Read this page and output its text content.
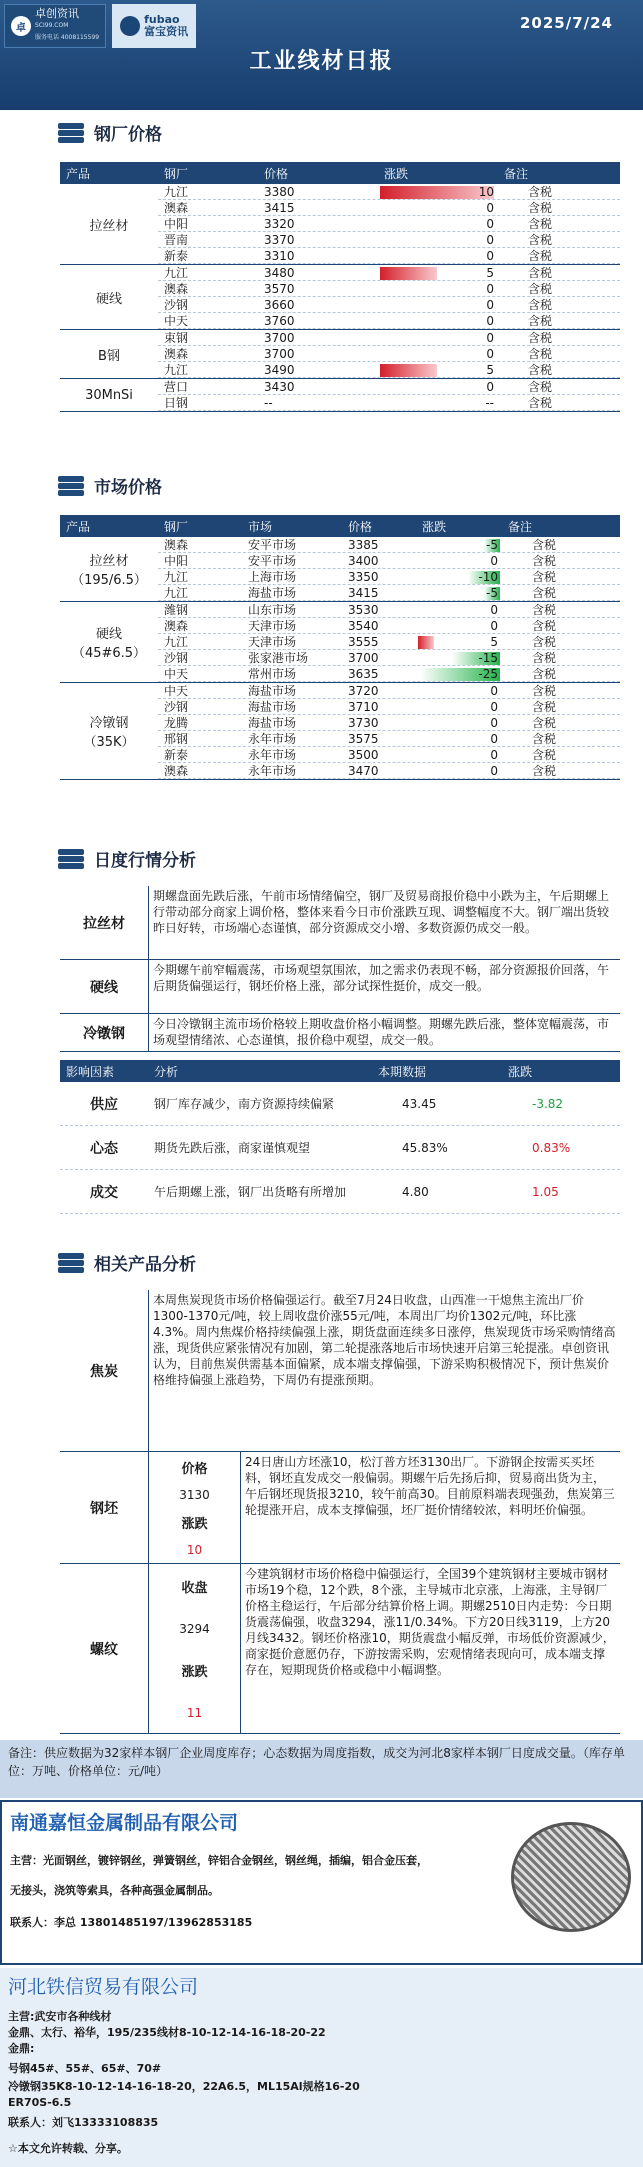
卓
卓创资讯
SCI99.COM
服务电话 4008115599
fubao
富宝资讯	2025/7/24
工业线材日报
钢厂价格
产品	钢厂	价格	涨跌	备注
拉丝材
九江	3380	10	含税
澳森	3415	0	含税
中阳	3320	0	含税
晋南	3370	0	含税
新泰	3310	0	含税
硬线
九江	3480	5	含税
澳森	3570	0	含税
沙钢	3660	0	含税
中天	3760	0	含税
B钢
束钢	3700	0	含税
澳森	3700	0	含税
九江	3490	5	含税
30MnSi
营口	3430	0	含税
日钢	--	--	含税
市场价格
产品	钢厂	市场	价格	涨跌	备注
拉丝材
（195/6.5）
澳森	安平市场	3385	-5	含税
中阳	安平市场	3400	0	含税
九江	上海市场	3350	-10	含税
九江	海盐市场	3415	-5	含税
硬线
（45#6.5）
潍钢	山东市场	3530	0	含税
澳森	天津市场	3540	0	含税
九江	天津市场	3555	5	含税
沙钢	张家港市场	3700	-15	含税
中天	常州市场	3635	-25	含税
冷镦钢
（35K）
中天	海盐市场	3720	0	含税
沙钢	海盐市场	3710	0	含税
龙腾	海盐市场	3730	0	含税
邢钢	永年市场	3575	0	含税
新泰	永年市场	3500	0	含税
澳森	永年市场	3470	0	含税
日度行情分析
拉丝材
期螺盘面先跌后涨，午前市场情绪偏空，钢厂及贸易商报价稳中小跌为主，午后期螺上行带动部分商家上调价格，整体来看今日市价涨跌互现、调整幅度不大。钢厂端出货较昨日好转，市场端心态谨慎，部分资源成交小增、多数资源仍成交一般。
硬线
今期螺午前窄幅震荡，市场观望氛围浓，加之需求仍表现不畅，部分资源报价回落，午后期货偏强运行，钢坯价格上涨，部分试探性挺价，成交一般。
冷镦钢
今日冷镦钢主流市场价格较上期收盘价格小幅调整。期螺先跌后涨，整体宽幅震荡，市场观望情绪浓、心态谨慎，报价稳中观望，成交一般。
影响因素	分析	本期数据	涨跌
供应	钢厂库存减少，南方资源持续偏紧	43.45	-3.82
心态	期货先跌后涨，商家谨慎观望	45.83%	0.83%
成交	午后期螺上涨，钢厂出货略有所增加	4.80	1.05
相关产品分析
焦炭
本周焦炭现货市场价格偏强运行。截至7月24日收盘，山西准一干熄焦主流出厂价1300-1370元/吨，较上周收盘价涨55元/吨，本周出厂均价1302元/吨，环比涨4.3%。周内焦煤价格持续偏强上涨，期货盘面连续多日涨停，焦炭现货市场采购情绪高涨，现货供应紧张情况有加剧，第二轮提涨落地后市场快速开启第三轮提涨。卓创资讯认为，目前焦炭供需基本面偏紧，成本端支撑偏强，下游采购积极情况下，预计焦炭价格维持偏强上涨趋势，下周仍有提涨预期。
钢坯
价格
3130
涨跌
10
24日唐山方坯涨10，松汀普方坯3130出厂。下游钢企按需买买坯料，钢坯直发成交一般偏弱。期螺午后先扬后抑，贸易商出货为主，午后钢坯现货报3210，较午前高30。目前原料端表现强劲，焦炭第三轮提涨开启，成本支撑偏强，坯厂挺价情绪较浓，料明坯价偏强。
螺纹
收盘
3294
涨跌
11
今建筑钢材市场价格稳中偏强运行，全国39个建筑钢材主要城市钢材市场19个稳，12个跌，8个涨，主导城市北京涨，上海涨，主导钢厂价格主稳运行，午后部分结算价格上调。期螺2510日内走势：今日期货震荡偏强，收盘3294，涨11/0.34%。下方20日线3119，上方20月线3432。钢坯价格涨10，期货震盘小幅反弹，市场低价资源减少，商家挺价意愿仍存，下游按需采购，宏观情绪表现向可，成本端支撑存在，短期现货价格或稳中小幅调整。
备注：供应数据为32家样本钢厂企业周度库存；心态数据为周度指数，成交为河北8家样本钢厂日度成交量。（库存单位：万吨、价格单位：元/吨）
南通嘉恒金属制品有限公司
主营：光面钢丝，镀锌钢丝，弹簧钢丝，锌铝合金钢丝，钢丝绳，插编，铝合金压套，
无接头，浇筑等索具，各种高强金属制品。
联系人：李总 13801485197/13962853185
河北铁信贸易有限公司
主营:武安市各种线材
金鼎、太行、裕华，195/235线材8-10-12-14-16-18-20-22
金鼎:
号钢45#、55#、65#、70#
冷镦钢35K8-10-12-14-16-18-20，22A6.5，ML15Al规格16-20
ER70S-6.5
联系人：刘飞13333108835
☆本文允许转载、分享。
